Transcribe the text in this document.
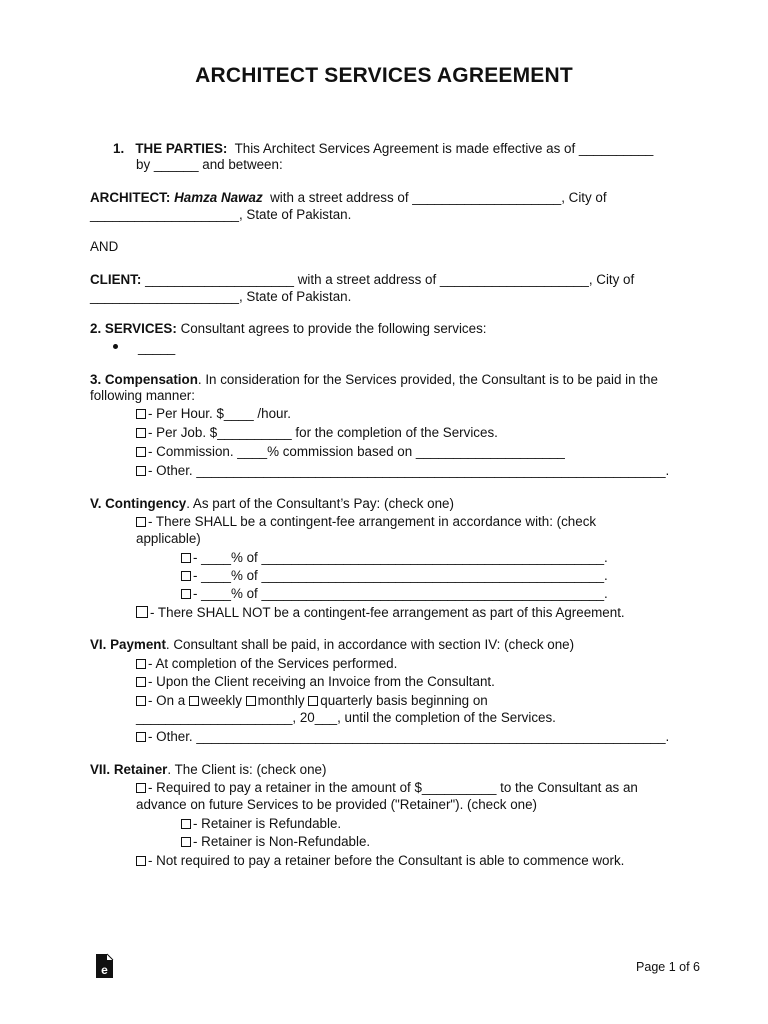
ARCHITECT SERVICES AGREEMENT
1. THE PARTIES: This Architect Services Agreement is made effective as of __________
by ______ and between:
ARCHITECT: Hamza Nawaz with a street address of ____________________, City of
____________________, State of Pakistan.
AND
CLIENT: ____________________ with a street address of ____________________, City of
____________________, State of Pakistan.
2. SERVICES: Consultant agrees to provide the following services:
_____
3. Compensation. In consideration for the Services provided, the Consultant is to be paid in the
following manner:
- Per Hour. $____ /hour.
- Per Job. $__________ for the completion of the Services.
- Commission. ____% commission based on ____________________
- Other. _______________________________________________________________.
V. Contingency. As part of the Consultant’s Pay: (check one)
- There SHALL be a contingent-fee arrangement in accordance with: (check
applicable)
- ____% of ______________________________________________.
- ____% of ______________________________________________.
- ____% of ______________________________________________.
- There SHALL NOT be a contingent-fee arrangement as part of this Agreement.
VI. Payment. Consultant shall be paid, in accordance with section IV: (check one)
- At completion of the Services performed.
- Upon the Client receiving an Invoice from the Consultant.
- On a weekly monthly quarterly basis beginning on
_____________________, 20___, until the completion of the Services.
- Other. _______________________________________________________________.
VII. Retainer. The Client is: (check one)
- Required to pay a retainer in the amount of $__________ to the Consultant as an
advance on future Services to be provided ("Retainer"). (check one)
- Retainer is Refundable.
- Retainer is Non-Refundable.
- Not required to pay a retainer before the Consultant is able to commence work.
e	Page 1 of 6
